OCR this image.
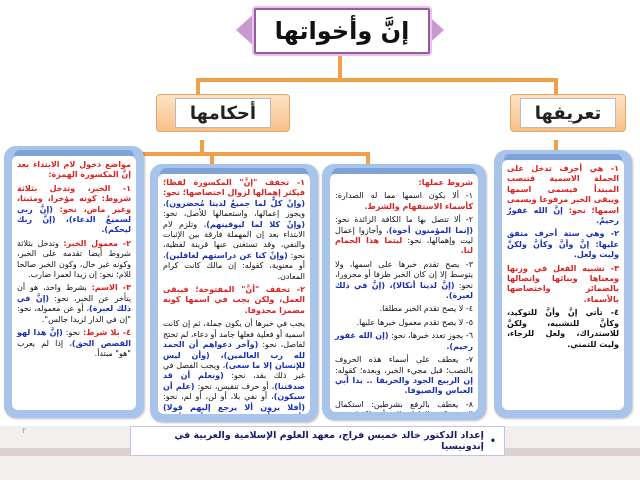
إنَّ وأخواتها
أحكامها	تعريفها

١- هي أحرف تدخل على الجملة الاسمية فتنصب المبتدأ فيسمى اسمها ويبقى الخبر مرفوعا ويسمى اسمها؛ نحو: إنَّ الله غفورٌ رحيمٌ.

٢- وهي ستة أحرف متفق عليها: إنَّ وأنَّ وكأنَّ ولكنَّ وليت ولعل.

٣- تشبيه الفعل في وزنها ومعناها وبنائها واتصالها بالضمائر واختصاصها بالأسماء.

٤- تأتي إنَّ وأنَّ للتوكيد، وكأنَّ للتشبيه، ولكنَّ للاستدراك، ولعل للرجاء، وليت للتمني.

شروط عملها:

١- ألا يكون اسمها مما له الصدارة: كأسماء الاستفهام والشرط.

٢- ألا تتصل بها ما الكافة الزائدة نحو: (إنما المؤمنون أخوة)، وأجازوا إعمال ليت وإهمالها، نحو: ليتما هذا الحمام لنا.

٣- يصح تقدم خبرها على اسمها، ولا يتوسط إلا إن كان الخبر ظرفا أو مجرورا، نحو: (إنَّ لدينا أنكالا)، (إنَّ في ذلك لعبرة).

٤- لا يصح تقدم الخبر مطلقا.

٥- لا يصح تقدم معمول خبرها عليها.

٦- يجوز تعدد خبرها، نحو: (إن الله غفور رحيم).

٧- يعطف على أسماء هذه الحروف بالنصب؛ قبل مجيء الخبر، وبعده؛ كقوله: إن الربيع الجود والخريفا .. يدا أبي العباس والصيوفا.

٨- يعطف بالرفع بشرطين: استكمال

١- تخفف "إنَّ" المكسورة لفظا؛ فيكثر إهمالها لزوال اختصاصها؛ نحو: (وإنْ كلٌّ لما جميعٌ لدينا مُحضرون)، ويجوز إعمالها، واستعمالها للأصل، نحو: (وإنْ كلا لما ليوفينهم)، وتلزم لام الابتداء بعد إن المهملة فارقة بين الإثبات والنفي، وقد تستغنى عنها قرينة لفظية، نحو: (وإنْ كنا عن دراستهم لغافلين)، أو معنوية، كقوله: إن مالك كانت كرام المعادن.

٢- تخفف "أنَّ" المفتوحة؛ فيبقى العمل، ولكن يجب في اسمها كونه مضمرا محذوفا.

يجب في خبرها أن يكون جملة، ثم إن كانت اسمية أو فعلية فعلها جامد أو دعاء، لم تحتج لفاصل، نحو: (وآخر دعواهم أن الحمد لله رب العالمين)، (وأن ليس للإنسان إلا ما سعى)، ويجب الفصل في غير ذلك بقد، نحو: (ونعلم أن قد صدقتنا)، أو حرف تنفيس، نحو: (علم أن سيكون)، أو نفي بلا، أو لن، أو لم، نحو: (أفلا يرون ألا يرجع إليهم قولا)

مواضع دخول لام الابتداء بعد إنَّ المكسورة الهمزة:

١- الخبر، وتدخل بثلاثة شروط: كونه مؤخرا، ومثبتا، وغير ماض، نحو: (إنَّ ربي لسميعُ الدعاء)، (إنَّ ربك ليحكم).

٢- معمول الخبر: وتدخل بثلاثة شروط أيضا تقدمه على الخبر، وكونه غير حال، وكون الخبر صالحا للام؛ نحو: إن زيدا لعمرا ضارب.

٣- الاسم: بشرط واحد، هو أن يتأخر عن الخبر، نحو: (إنَّ في ذلك لعبرة)، أو عن معموله، نحو: "إن في الدار لزيدا جالس".

٤- بلا شرط: نحو: (إنَّ هذا لهو القصص الحق)، إذا لم يعرب "هو" مبتدأ.

•
إعداد الدكتور خالد خميس فراج، معهد العلوم الإسلامية والعربية في إندونيسيا
٢
